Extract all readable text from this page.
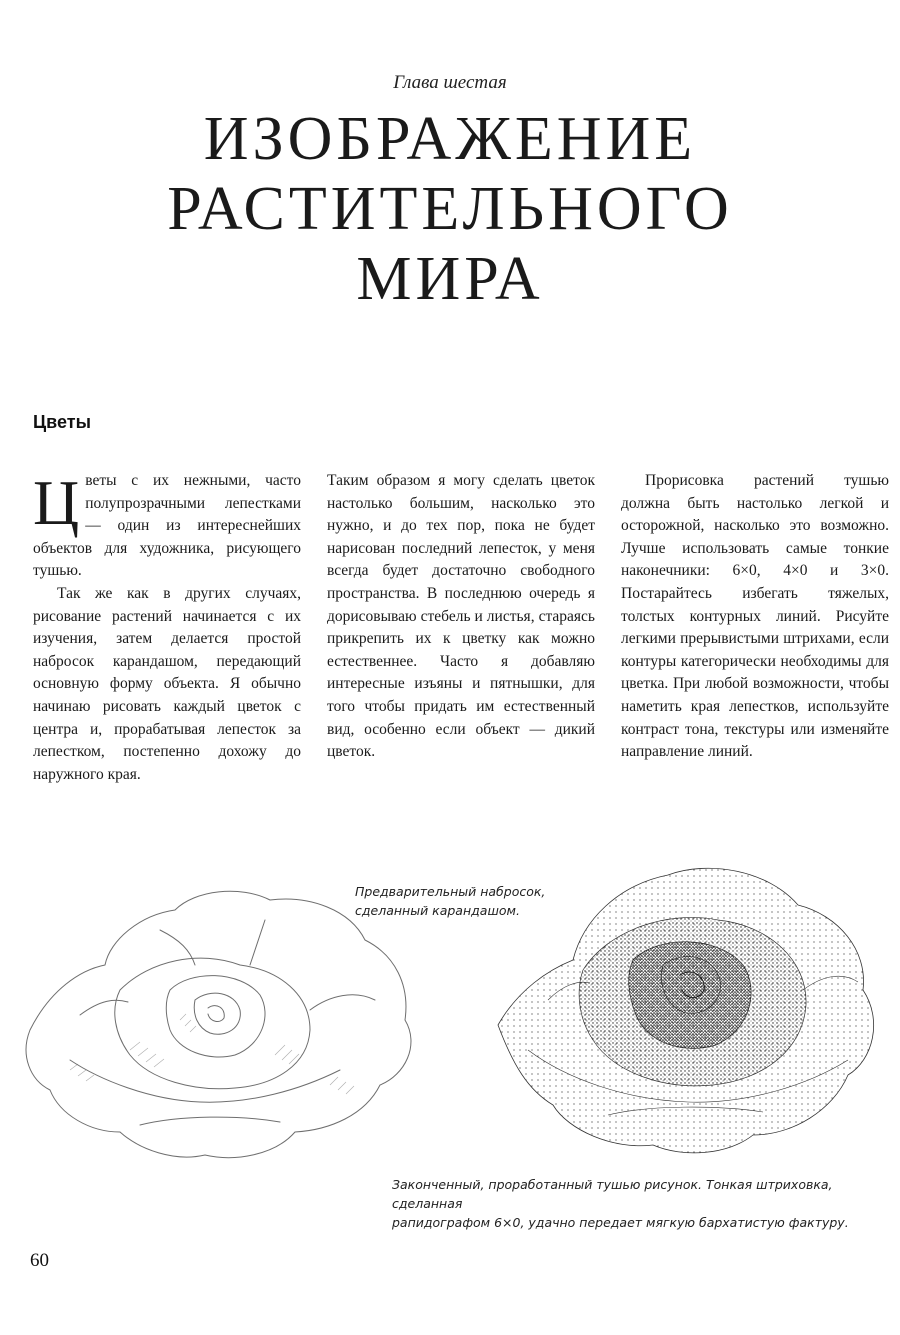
Глава шестая
ИЗОБРАЖЕНИЕ
РАСТИТЕЛЬНОГО
МИРА
Цветы

Цветы с их нежными, часто полупрозрачными лепестками — один из интереснейших объектов для художника, рисующего тушью.

Так же как в других случаях, рисование растений начинается с их изучения, затем делается простой набросок карандашом, передающий основную форму объекта. Я обычно начинаю рисовать каждый цветок с центра и, прорабатывая лепесток за лепестком, постепенно дохожу до наружного края.

Таким образом я могу сделать цветок настолько большим, насколько это нужно, и до тех пор, пока не будет нарисован последний лепесток, у меня всегда будет достаточно свободного пространства. В последнюю очередь я дорисовываю стебель и листья, стараясь прикрепить их к цветку как можно естественнее. Часто я добавляю интересные изъяны и пятнышки, для того чтобы придать им естественный вид, особенно если объект — дикий цветок.

Прорисовка растений тушью должна быть настолько легкой и осторожной, насколько это возможно. Лучше использовать самые тонкие наконечники: 6×0, 4×0 и 3×0. Постарайтесь избегать тяжелых, толстых контурных линий. Рисуйте легкими прерывистыми штрихами, если контуры категорически необходимы для цветка. При любой возможности, чтобы наметить края лепестков, используйте контраст тона, текстуры или изменяйте направление линий.

Предварительный набросок,
сделанный карандашом.
Законченный, проработанный тушью рисунок. Тонкая штриховка, сделанная
рапидографом 6×0, удачно передает мягкую бархатистую фактуру.
60
